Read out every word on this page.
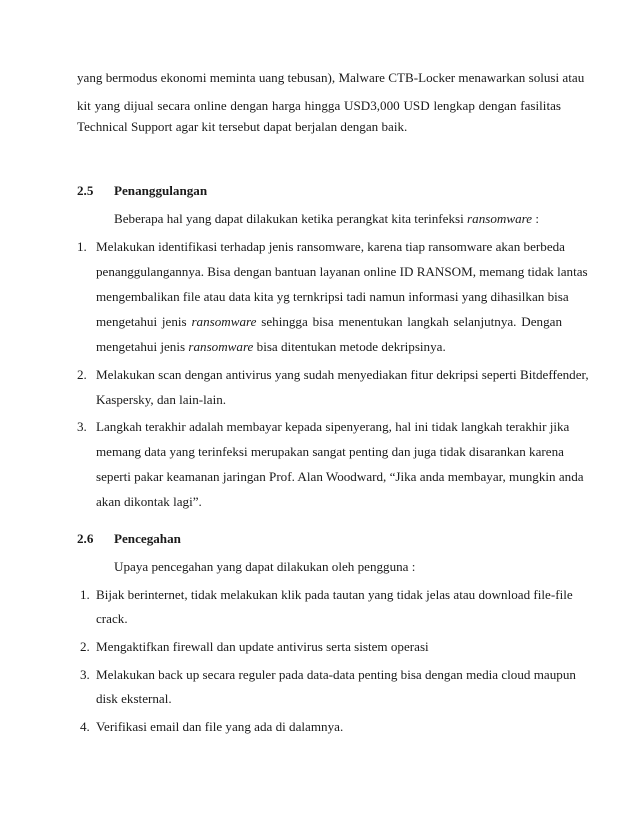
yang bermodus ekonomi meminta uang tebusan), Malware CTB-Locker menawarkan solusi atau
kit yang dijual secara online dengan harga hingga USD3,000 USD lengkap dengan fasilitas
Technical Support agar kit tersebut dapat berjalan dengan baik.
2.5 Penanggulangan
Beberapa hal yang dapat dilakukan ketika perangkat kita terinfeksi ransomware :
1. Melakukan identifikasi terhadap jenis ransomware, karena tiap ransomware akan berbeda
penanggulangannya. Bisa dengan bantuan layanan online ID RANSOM, memang tidak lantas
mengembalikan file atau data kita yg ternkripsi tadi namun informasi yang dihasilkan bisa
mengetahui jenis ransomware sehingga bisa menentukan langkah selanjutnya. Dengan
mengetahui jenis ransomware bisa ditentukan metode dekripsinya.
2. Melakukan scan dengan antivirus yang sudah menyediakan fitur dekripsi seperti Bitdeffender,
Kaspersky, dan lain-lain.
3. Langkah terakhir adalah membayar kepada sipenyerang, hal ini tidak langkah terakhir jika
memang data yang terinfeksi merupakan sangat penting dan juga tidak disarankan karena
seperti pakar keamanan jaringan Prof. Alan Woodward, “Jika anda membayar, mungkin anda
akan dikontak lagi”.
2.6 Pencegahan
Upaya pencegahan yang dapat dilakukan oleh pengguna :
1. Bijak berinternet, tidak melakukan klik pada tautan yang tidak jelas atau download file-file
crack.
2. Mengaktifkan firewall dan update antivirus serta sistem operasi
3. Melakukan back up secara reguler pada data-data penting bisa dengan media cloud maupun
disk eksternal.
4. Verifikasi email dan file yang ada di dalamnya.
